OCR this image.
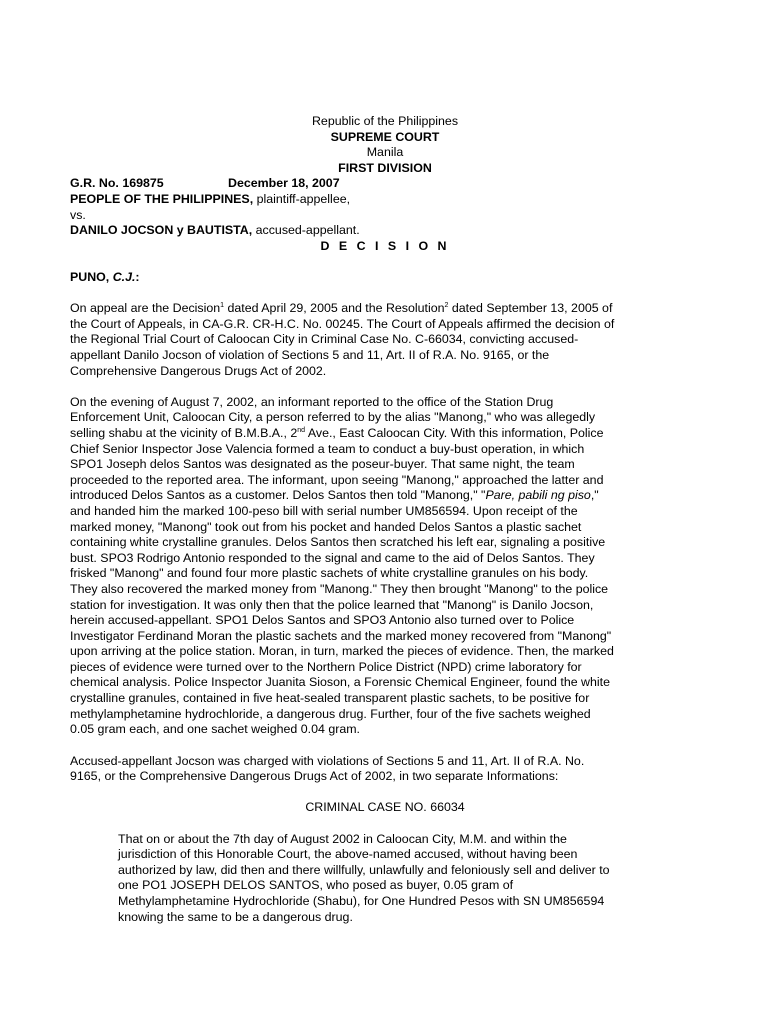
Republic of the Philippines
SUPREME COURT
Manila
FIRST DIVISION
G.R. No. 169875	December 18, 2007
PEOPLE OF THE PHILIPPINES, plaintiff-appellee,
vs.
DANILO JOCSON y BAUTISTA, accused-appellant.
D E C I S I O N
PUNO, C.J.:
On appeal are the Decision$^1$ dated April 29, 2005 and the Resolution$^2$ dated September 13, 2005 of
the Court of Appeals, in CA-G.R. CR-H.C. No. 00245. The Court of Appeals affirmed the decision of
the Regional Trial Court of Caloocan City in Criminal Case No. C-66034, convicting accused-
appellant Danilo Jocson of violation of Sections 5 and 11, Art. II of R.A. No. 9165, or the
Comprehensive Dangerous Drugs Act of 2002.
On the evening of August 7, 2002, an informant reported to the office of the Station Drug
Enforcement Unit, Caloocan City, a person referred to by the alias "Manong," who was allegedly
selling shabu at the vicinity of B.M.B.A., 2nd Ave., East Caloocan City. With this information, Police
Chief Senior Inspector Jose Valencia formed a team to conduct a buy-bust operation, in which
SPO1 Joseph delos Santos was designated as the poseur-buyer. That same night, the team
proceeded to the reported area. The informant, upon seeing "Manong," approached the latter and
introduced Delos Santos as a customer. Delos Santos then told "Manong," "Pare, pabili ng piso,"
and handed him the marked 100-peso bill with serial number UM856594. Upon receipt of the
marked money, "Manong" took out from his pocket and handed Delos Santos a plastic sachet
containing white crystalline granules. Delos Santos then scratched his left ear, signaling a positive
bust. SPO3 Rodrigo Antonio responded to the signal and came to the aid of Delos Santos. They
frisked "Manong" and found four more plastic sachets of white crystalline granules on his body.
They also recovered the marked money from "Manong." They then brought "Manong" to the police
station for investigation. It was only then that the police learned that "Manong" is Danilo Jocson,
herein accused-appellant. SPO1 Delos Santos and SPO3 Antonio also turned over to Police
Investigator Ferdinand Moran the plastic sachets and the marked money recovered from "Manong"
upon arriving at the police station. Moran, in turn, marked the pieces of evidence. Then, the marked
pieces of evidence were turned over to the Northern Police District (NPD) crime laboratory for
chemical analysis. Police Inspector Juanita Sioson, a Forensic Chemical Engineer, found the white
crystalline granules, contained in five heat-sealed transparent plastic sachets, to be positive for
methylamphetamine hydrochloride, a dangerous drug. Further, four of the five sachets weighed
0.05 gram each, and one sachet weighed 0.04 gram.
Accused-appellant Jocson was charged with violations of Sections 5 and 11, Art. II of R.A. No.
9165, or the Comprehensive Dangerous Drugs Act of 2002, in two separate Informations:
CRIMINAL CASE NO. 66034
That on or about the 7th day of August 2002 in Caloocan City, M.M. and within the
jurisdiction of this Honorable Court, the above-named accused, without having been
authorized by law, did then and there willfully, unlawfully and feloniously sell and deliver to
one PO1 JOSEPH DELOS SANTOS, who posed as buyer, 0.05 gram of
Methylamphetamine Hydrochloride (Shabu), for One Hundred Pesos with SN UM856594
knowing the same to be a dangerous drug.
